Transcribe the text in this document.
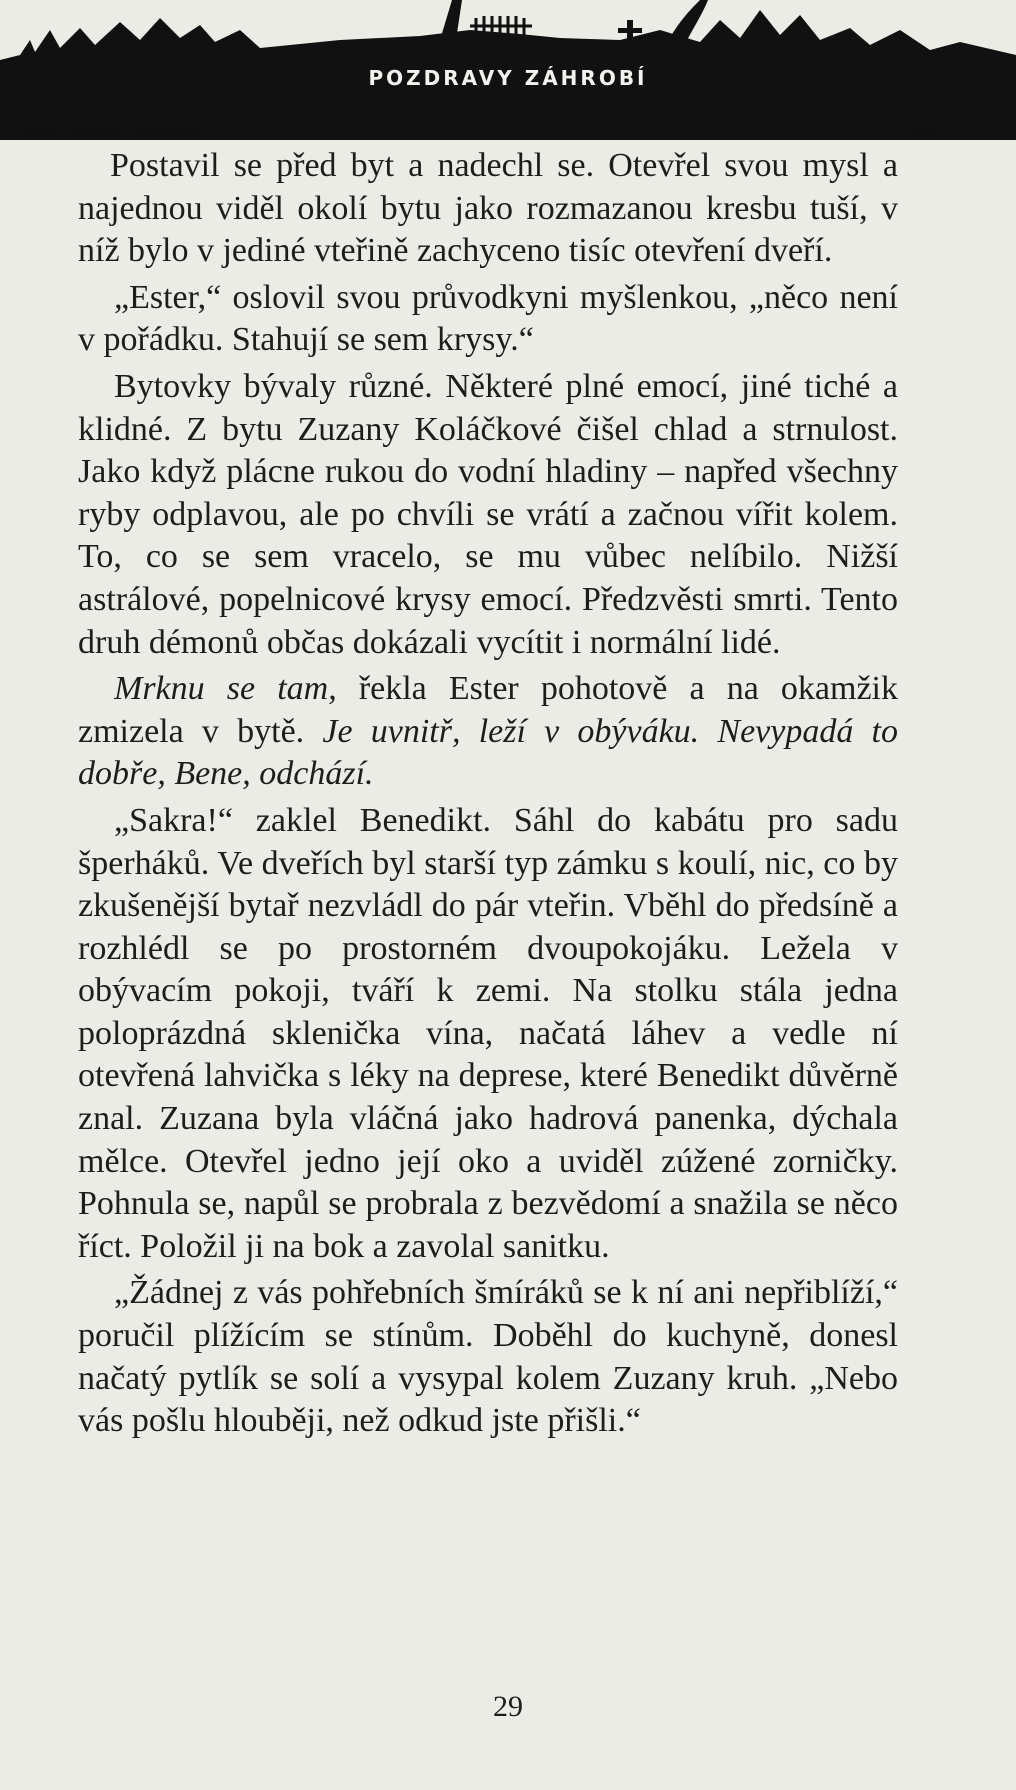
POZDRAVY ZÁHROBÍ

Postavil se před byt a nadechl se. Otevřel svou mysl a najednou viděl okolí bytu jako rozmazanou kresbu tuší, v níž bylo v jediné vteřině zachyceno tisíc otevření dveří.

„Ester,“ oslovil svou průvodkyni myšlenkou, „něco není v pořádku. Stahují se sem krysy.“

Bytovky bývaly různé. Některé plné emocí, jiné tiché a klidné. Z bytu Zuzany Koláčkové čišel chlad a strnulost. Jako když plácne rukou do vodní hladiny – napřed všechny ryby odplavou, ale po chvíli se vrátí a začnou vířit kolem. To, co se sem vracelo, se mu vůbec nelíbilo. Nižší astrálové, popelnicové krysy emocí. Předzvěsti smrti. Tento druh démonů občas dokázali vycítit i normální lidé.

Mrknu se tam, řekla Ester pohotově a na okamžik zmizela v bytě. Je uvnitř, leží v obýváku. Nevypadá to dobře, Bene, odchází.

„Sakra!“ zaklel Benedikt. Sáhl do kabátu pro sadu šperháků. Ve dveřích byl starší typ zámku s koulí, nic, co by zkušenější bytař nezvládl do pár vteřin. Vběhl do předsíně a rozhlédl se po prostorném dvoupokojáku. Ležela v obývacím pokoji, tváří k zemi. Na stolku stála jedna poloprázdná sklenička vína, načatá láhev a vedle ní otevřená lahvička s léky na deprese, které Benedikt důvěrně znal. Zuzana byla vláčná jako hadrová panenka, dýchala mělce. Otevřel jedno její oko a uviděl zúžené zorničky. Pohnula se, napůl se probrala z bezvědomí a snažila se něco říct. Položil ji na bok a zavolal sanitku.

„Žádnej z vás pohřebních šmíráků se k ní ani nepřiblíží,“ poručil plížícím se stínům. Doběhl do kuchyně, donesl načatý pytlík se solí a vysypal kolem Zuzany kruh. „Nebo vás pošlu hlouběji, než odkud jste přišli.“

29
